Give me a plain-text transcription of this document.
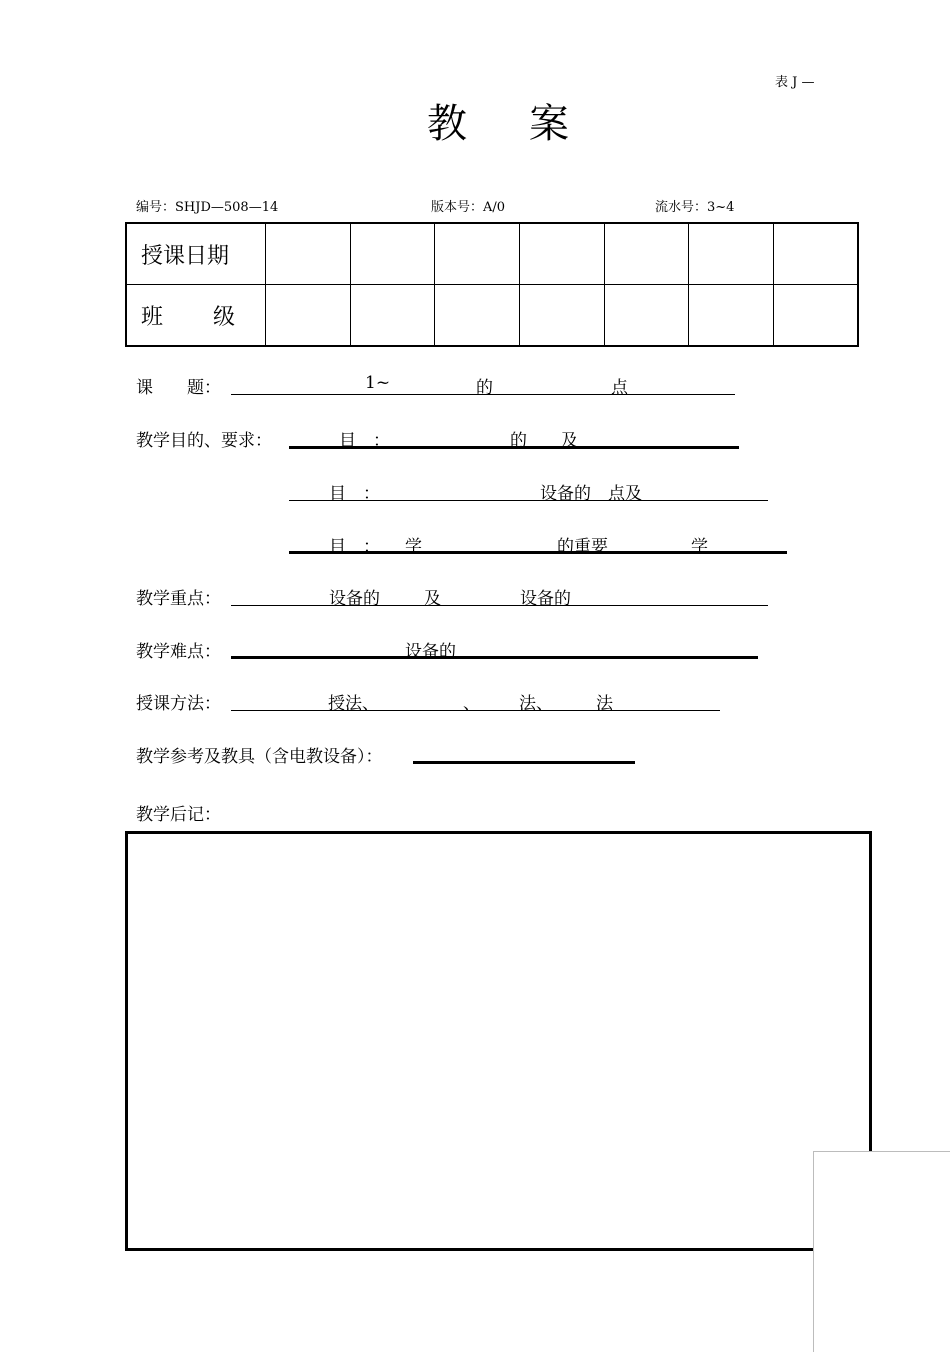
表 J —
教 案
编号：SHJD—508—14	版本号：A/0	流水号：3~4
授课日期							
班 级							
课　　题：	1~	的	点
教学目的、要求：	目　：	的　　及
目　：	设备的　点及
目　： 学	的重要	学
教学重点：	设备的	及	设备的
教学难点：	设备的
授课方法：	授法、	、 法、	法
教学参考及教具（含电教设备）：
教学后记：
